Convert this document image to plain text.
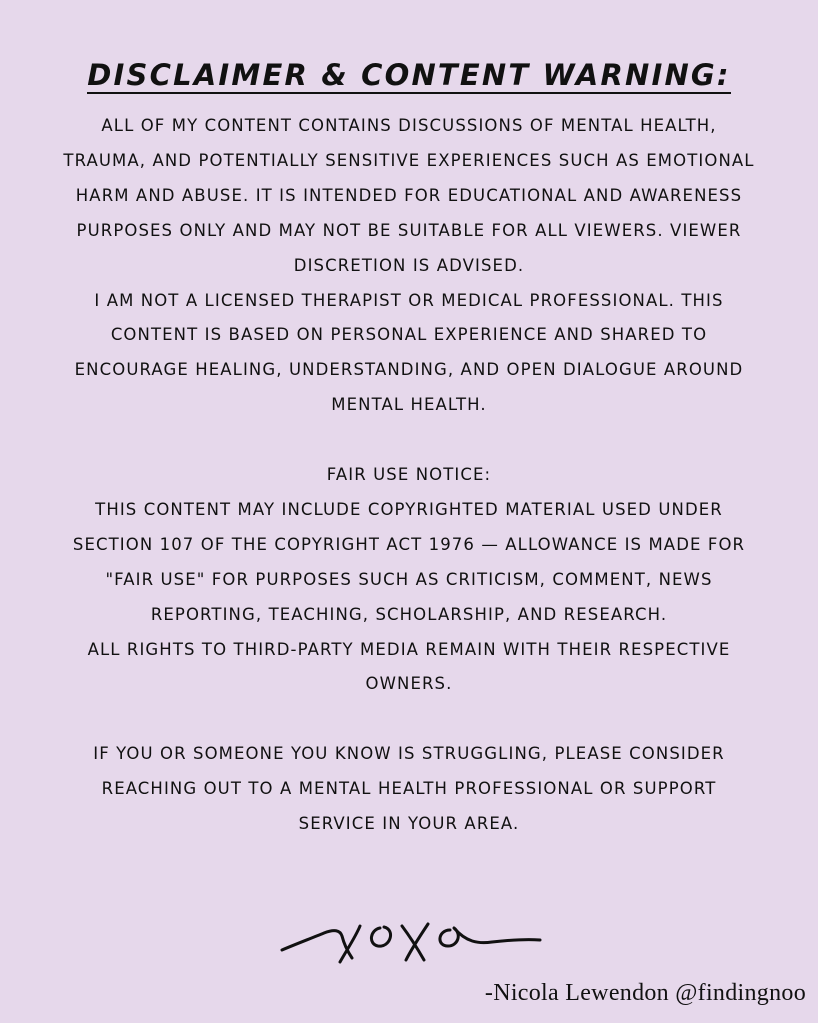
DISCLAIMER & CONTENT WARNING:

ALL OF MY CONTENT CONTAINS DISCUSSIONS OF MENTAL HEALTH, TRAUMA, AND POTENTIALLY SENSITIVE EXPERIENCES SUCH AS EMOTIONAL HARM AND ABUSE. IT IS INTENDED FOR EDUCATIONAL AND AWARENESS PURPOSES ONLY AND MAY NOT BE SUITABLE FOR ALL VIEWERS. VIEWER DISCRETION IS ADVISED.

I AM NOT A LICENSED THERAPIST OR MEDICAL PROFESSIONAL. THIS CONTENT IS BASED ON PERSONAL EXPERIENCE AND SHARED TO ENCOURAGE HEALING, UNDERSTANDING, AND OPEN DIALOGUE AROUND MENTAL HEALTH.

FAIR USE NOTICE:

THIS CONTENT MAY INCLUDE COPYRIGHTED MATERIAL USED UNDER SECTION 107 OF THE COPYRIGHT ACT 1976 — ALLOWANCE IS MADE FOR "FAIR USE" FOR PURPOSES SUCH AS CRITICISM, COMMENT, NEWS REPORTING, TEACHING, SCHOLARSHIP, AND RESEARCH.

ALL RIGHTS TO THIRD-PARTY MEDIA REMAIN WITH THEIR RESPECTIVE OWNERS.

IF YOU OR SOMEONE YOU KNOW IS STRUGGLING, PLEASE CONSIDER REACHING OUT TO A MENTAL HEALTH PROFESSIONAL OR SUPPORT SERVICE IN YOUR AREA.

-Nicola Lewendon @findingnoo
